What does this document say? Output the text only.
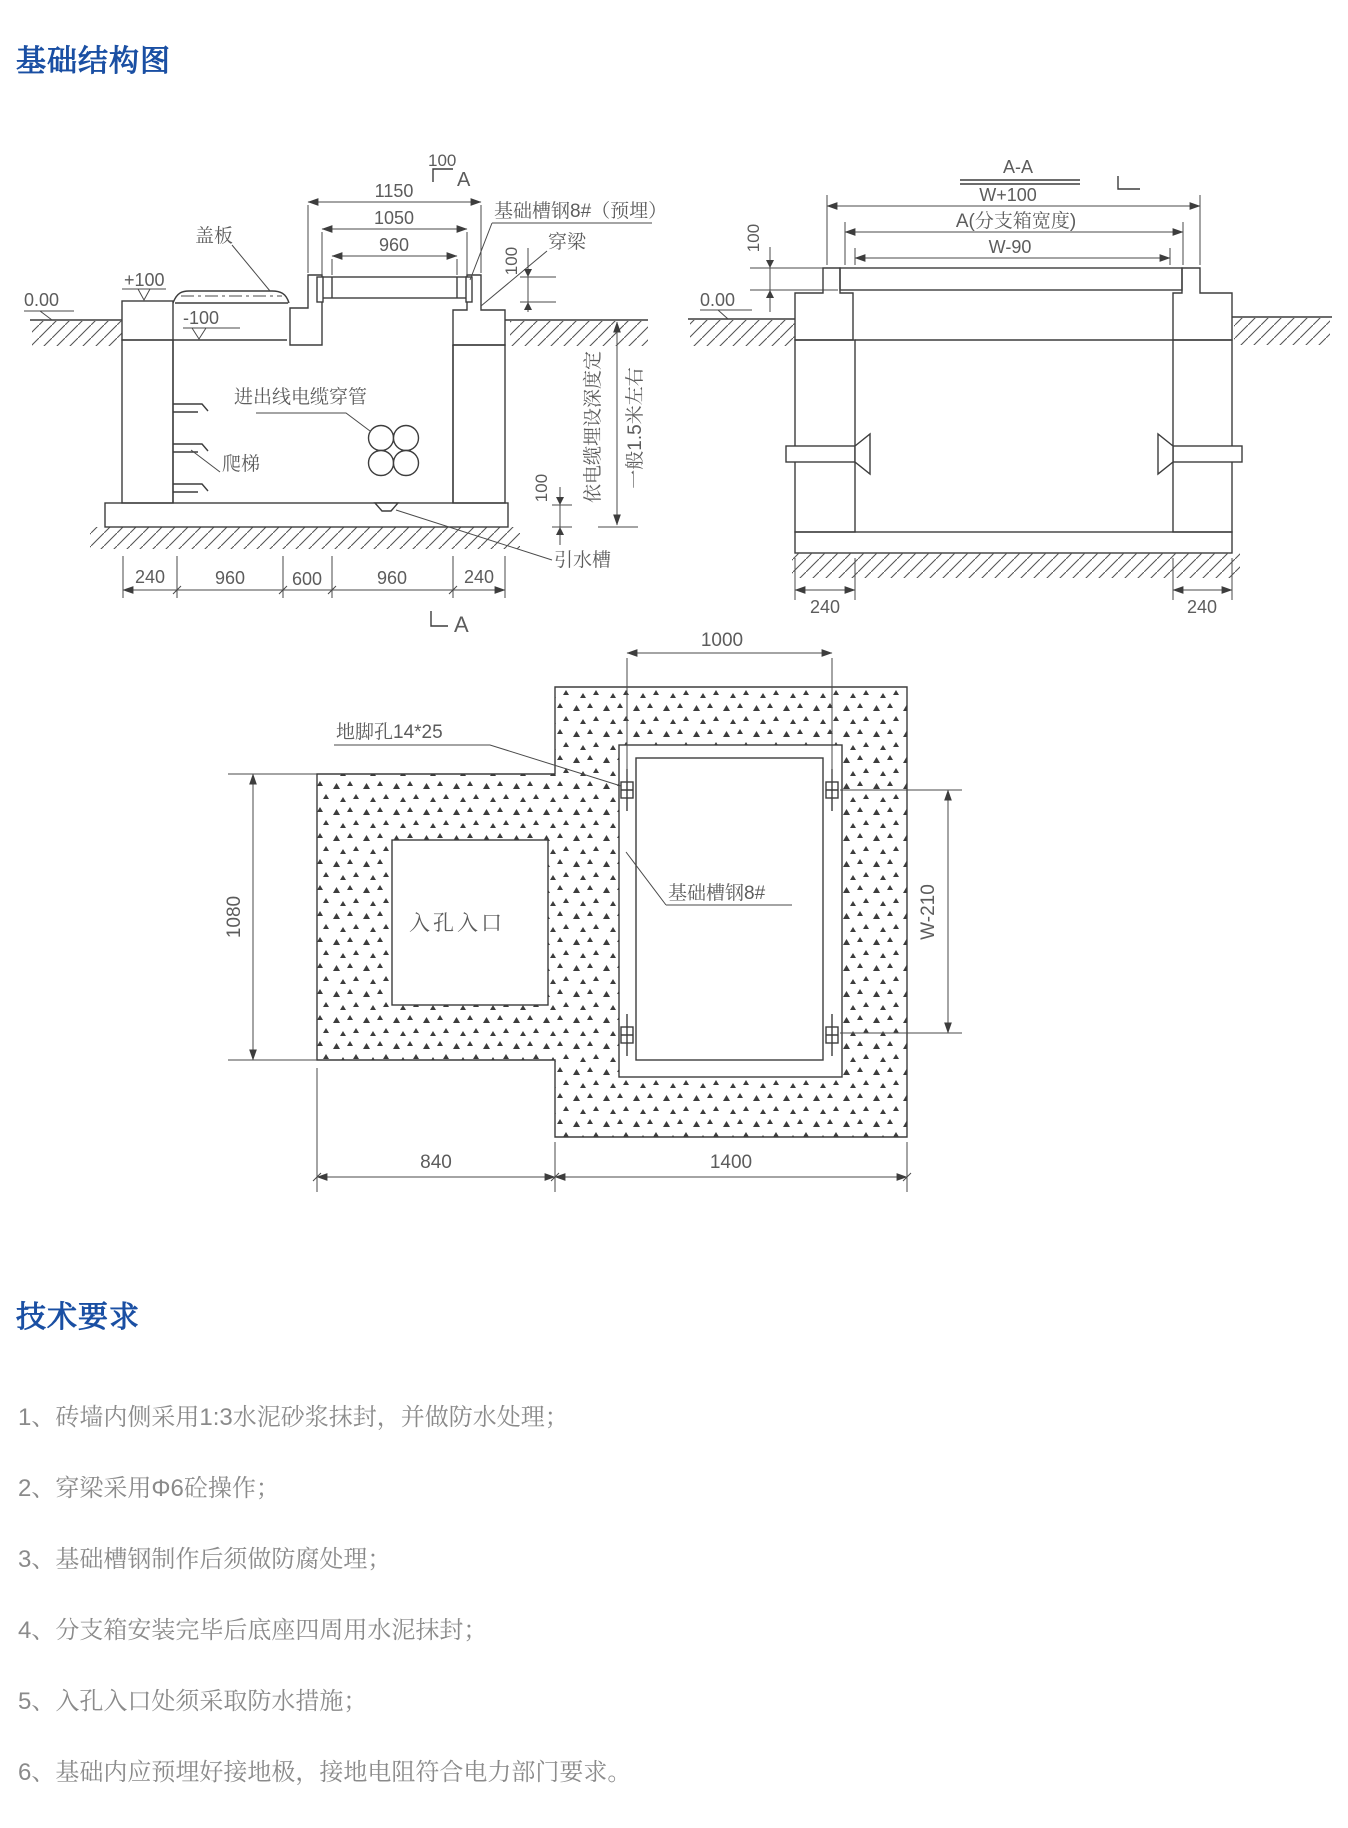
基础结构图
960
1050
1150
100
A
0.00
+100
-100
盖板
基础槽钢8#（预埋）
穿梁
100
爬梯
进出线电缆穿管
引水槽
依电缆埋设深度定 一般1.5米左右
100
240	960	600	960	240
A
A-A
W+100
A(分支箱宽度)
W-90
100
0.00
240	240
入孔入口
1000
1080	W-210
840	1400
地脚孔14*25
基础槽钢8#
技术要求

1、砖墙内侧采用1:3水泥砂浆抹封，并做防水处理；

2、穿梁采用Φ6砼操作；

3、基础槽钢制作后须做防腐处理；

4、分支箱安装完毕后底座四周用水泥抹封；

5、入孔入口处须采取防水措施；

6、基础内应预埋好接地极，接地电阻符合电力部门要求。
